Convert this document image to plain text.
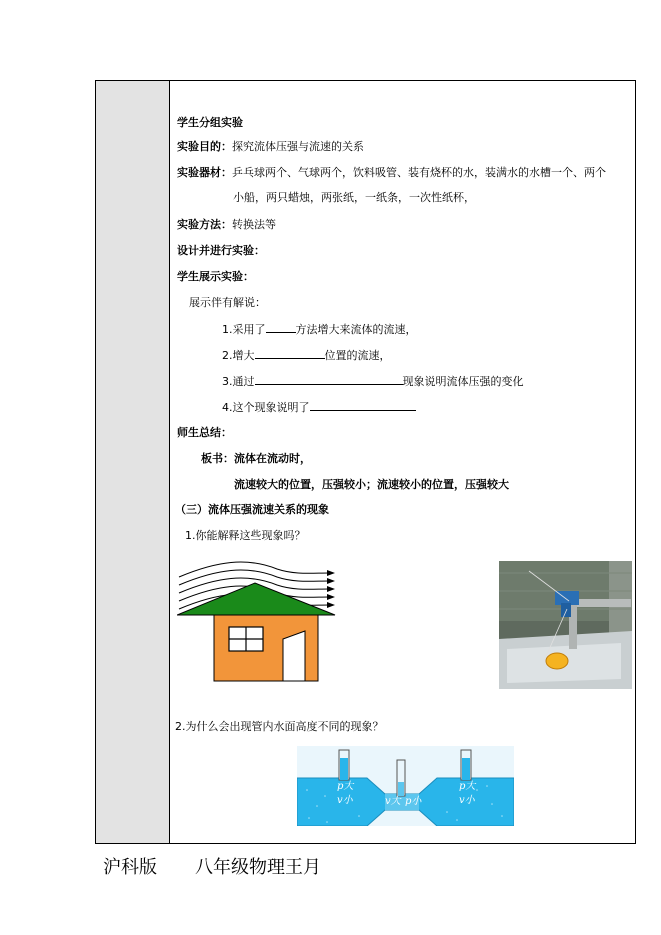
学生分组实验
实验目的：探究流体压强与流速的关系
实验器材：乒乓球两个、气球两个，饮料吸管、装有烧杯的水，装满水的水槽一个、两个
小船，两只蜡烛，两张纸，一纸条，一次性纸杯，
实验方法：转换法等
设计并进行实验：
学生展示实验：
展示伴有解说：
1.采用了	方法增大来流体的流速，
2.增大	位置的流速，
3.通过	现象说明流体压强的变化
4.这个现象说明了
师生总结：
板书：流体在流动时，
流速较大的位置，压强较小；流速较小的位置，压强较大
（三）流体压强流速关系的现象
1.你能解释这些现象吗？
2.为什么会出现管内水面高度不同的现象？
p大
v小	v大 p小
p大
v小
沪科版 八年级物理王月
